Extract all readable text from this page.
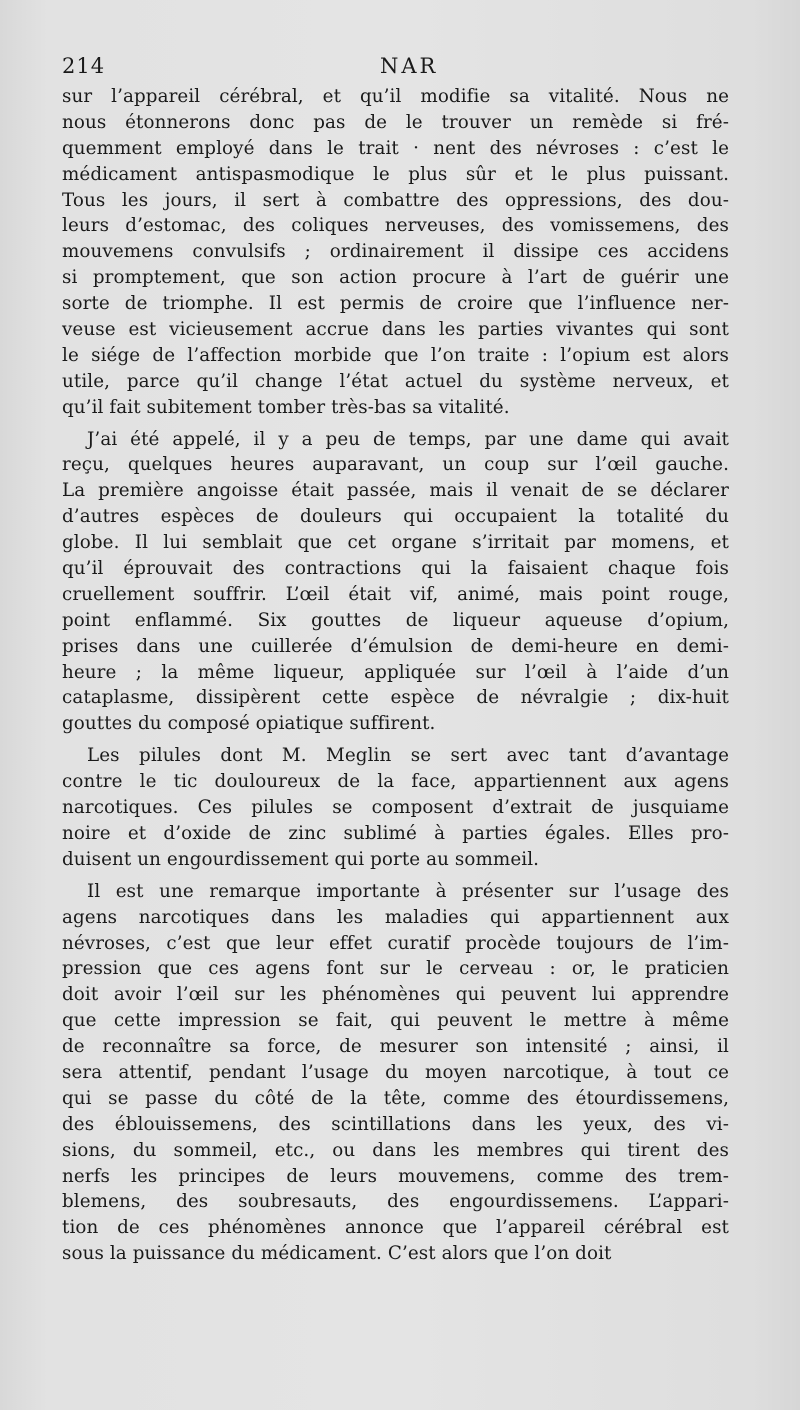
214	NAR
sur l’appareil cérébral, et qu’il modifie sa vitalité. Nous ne
nous étonnerons donc pas de le trouver un remède si fré-
quemment employé dans le trait · nent des névroses : c’est le
médicament antispasmodique le plus sûr et le plus puissant.
Tous les jours, il sert à combattre des oppressions, des dou-
leurs d’estomac, des coliques nerveuses, des vomissemens, des
mouvemens convulsifs ; ordinairement il dissipe ces accidens
si promptement, que son action procure à l’art de guérir une
sorte de triomphe. Il est permis de croire que l’influence ner-
veuse est vicieusement accrue dans les parties vivantes qui sont
le siége de l’affection morbide que l’on traite : l’opium est alors
utile, parce qu’il change l’état actuel du système nerveux, et
qu’il fait subitement tomber très-bas sa vitalité.
J’ai été appelé, il y a peu de temps, par une dame qui avait
reçu, quelques heures auparavant, un coup sur l’œil gauche.
La première angoisse était passée, mais il venait de se déclarer
d’autres espèces de douleurs qui occupaient la totalité du
globe. Il lui semblait que cet organe s’irritait par momens, et
qu’il éprouvait des contractions qui la faisaient chaque fois
cruellement souffrir. L’œil était vif, animé, mais point rouge,
point enflammé. Six gouttes de liqueur aqueuse d’opium,
prises dans une cuillerée d’émulsion de demi-heure en demi-
heure ; la même liqueur, appliquée sur l’œil à l’aide d’un
cataplasme, dissipèrent cette espèce de névralgie ; dix-huit
gouttes du composé opiatique suffirent.
Les pilules dont M. Meglin se sert avec tant d’avantage
contre le tic douloureux de la face, appartiennent aux agens
narcotiques. Ces pilules se composent d’extrait de jusquiame
noire et d’oxide de zinc sublimé à parties égales. Elles pro-
duisent un engourdissement qui porte au sommeil.
Il est une remarque importante à présenter sur l’usage des
agens narcotiques dans les maladies qui appartiennent aux
névroses, c’est que leur effet curatif procède toujours de l’im-
pression que ces agens font sur le cerveau : or, le praticien
doit avoir l’œil sur les phénomènes qui peuvent lui apprendre
que cette impression se fait, qui peuvent le mettre à même
de reconnaître sa force, de mesurer son intensité ; ainsi, il
sera attentif, pendant l’usage du moyen narcotique, à tout ce
qui se passe du côté de la tête, comme des étourdissemens,
des éblouissemens, des scintillations dans les yeux, des vi-
sions, du sommeil, etc., ou dans les membres qui tirent des
nerfs les principes de leurs mouvemens, comme des trem-
blemens, des soubresauts, des engourdissemens. L’appari-
tion de ces phénomènes annonce que l’appareil cérébral est
sous la puissance du médicament. C’est alors que l’on doit
